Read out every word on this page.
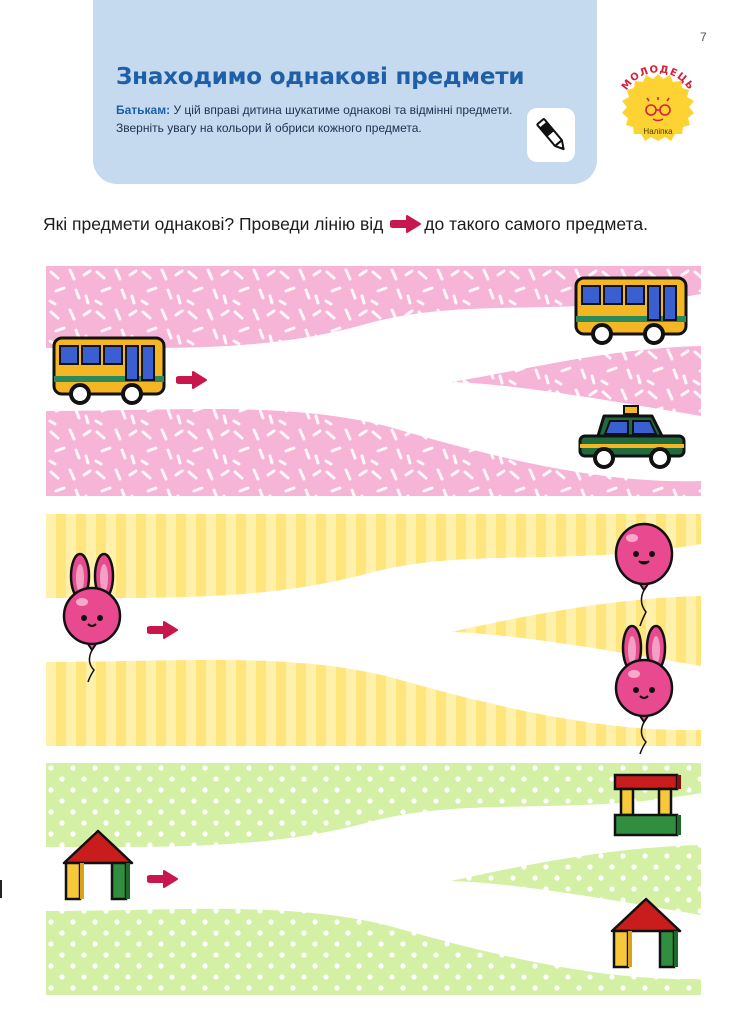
Знаходимо однакові предмети
Батькам: У цій вправі дитина шукатиме однакові та відмінні предмети.
Зверніть увагу на кольори й обриси кожного предмета.
7
МОЛОДЕЦЬ
Наліпка

Які предмети однакові? Проведи лінію від до такого самого предмета.
